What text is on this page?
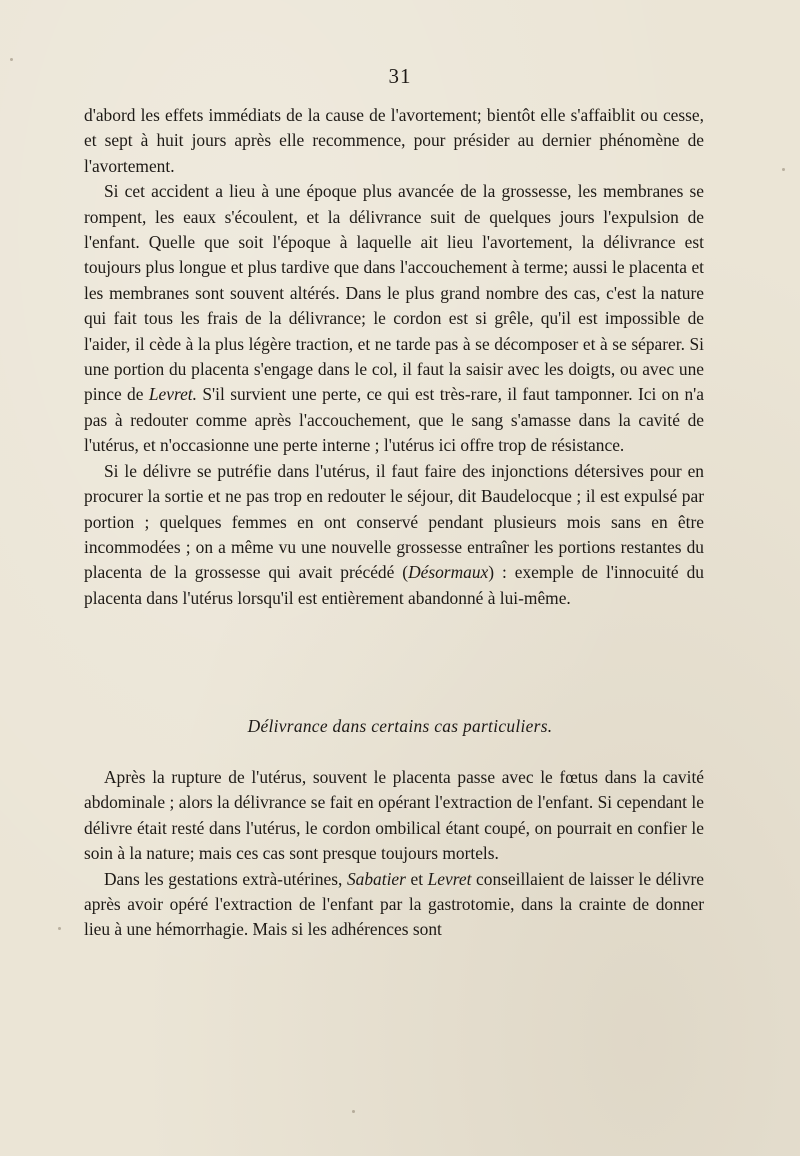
31

d'abord les effets immédiats de la cause de l'avortement; bientôt elle s'affaiblit ou cesse, et sept à huit jours après elle recommence, pour présider au dernier phénomène de l'avortement.

Si cet accident a lieu à une époque plus avancée de la grossesse, les membranes se rompent, les eaux s'écoulent, et la délivrance suit de quelques jours l'expulsion de l'enfant. Quelle que soit l'époque à laquelle ait lieu l'avortement, la délivrance est toujours plus longue et plus tardive que dans l'accouchement à terme; aussi le placenta et les membranes sont souvent altérés. Dans le plus grand nombre des cas, c'est la nature qui fait tous les frais de la délivrance; le cordon est si grêle, qu'il est impossible de l'aider, il cède à la plus légère traction, et ne tarde pas à se décomposer et à se séparer. Si une portion du placenta s'engage dans le col, il faut la saisir avec les doigts, ou avec une pince de Levret. S'il survient une perte, ce qui est très-rare, il faut tamponner. Ici on n'a pas à redouter comme après l'accouchement, que le sang s'amasse dans la cavité de l'utérus, et n'occasionne une perte interne ; l'utérus ici offre trop de résistance.

Si le délivre se putréfie dans l'utérus, il faut faire des injonctions détersives pour en procurer la sortie et ne pas trop en redouter le séjour, dit Baudelocque ; il est expulsé par portion ; quelques femmes en ont conservé pendant plusieurs mois sans en être incommodées ; on a même vu une nouvelle grossesse entraîner les portions restantes du placenta de la grossesse qui avait précédé (Désormaux) : exemple de l'innocuité du placenta dans l'utérus lorsqu'il est entièrement abandonné à lui-même.

Délivrance dans certains cas particuliers.

Après la rupture de l'utérus, souvent le placenta passe avec le fœtus dans la cavité abdominale ; alors la délivrance se fait en opérant l'extraction de l'enfant. Si cependant le délivre était resté dans l'utérus, le cordon ombilical étant coupé, on pourrait en confier le soin à la nature; mais ces cas sont presque toujours mortels.

Dans les gestations extrà-utérines, Sabatier et Levret conseillaient de laisser le délivre après avoir opéré l'extraction de l'enfant par la gastrotomie, dans la crainte de donner lieu à une hémorrhagie. Mais si les adhérences sont
